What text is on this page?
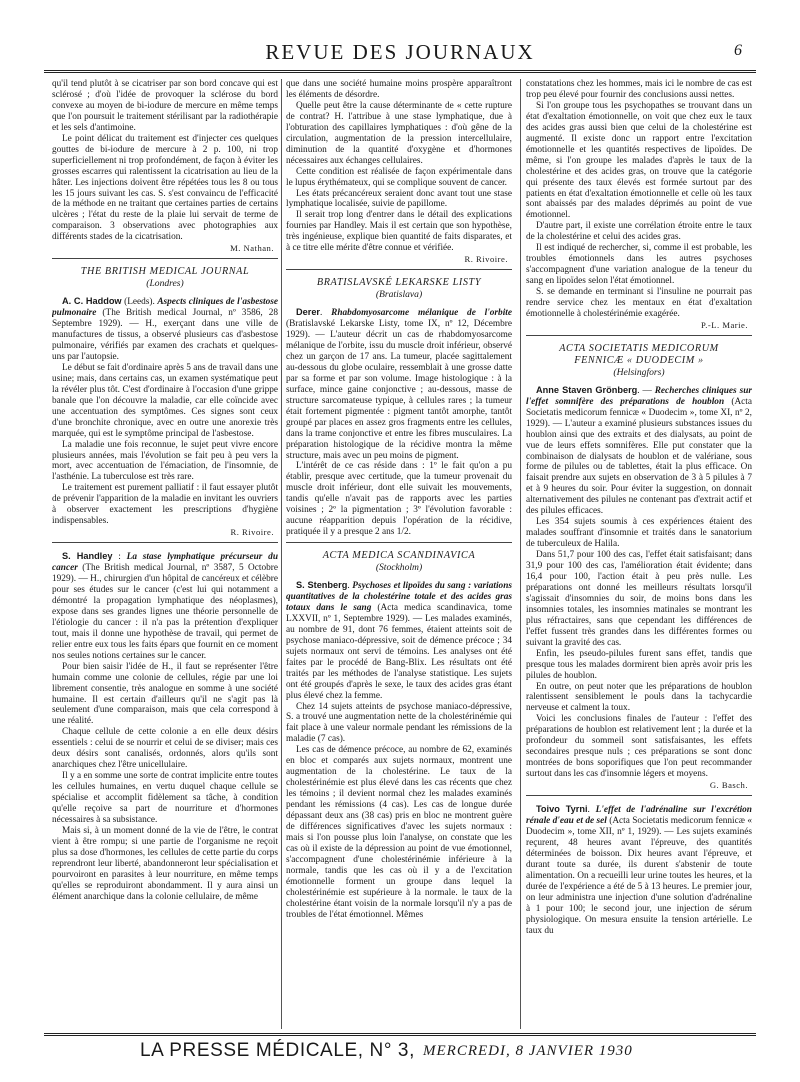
REVUE DES JOURNAUX	6

qu'il tend plutôt à se cicatriser par son bord concave qui est sclérosé ; d'où l'idée de provoquer la sclérose du bord convexe au moyen de bi-iodure de mercure en même temps que l'on poursuit le traitement stérilisant par la radiothérapie et les sels d'antimoine.

Le point délicat du traitement est d'injecter ces quelques gouttes de bi-iodure de mercure à 2 p. 100, ni trop superficiellement ni trop profondément, de façon à éviter les grosses escarres qui ralentissent la cicatrisation au lieu de la hâter. Les injections doivent être répétées tous les 8 ou tous les 15 jours suivant les cas. S. s'est convaincu de l'efficacité de la méthode en ne traitant que certaines parties de certains ulcères ; l'état du reste de la plaie lui servait de terme de comparaison. 3 observations avec photographies aux différents stades de la cicatrisation.

M. Nathan.
THE BRITISH MEDICAL JOURNAL
(Londres)

A. C. Haddow (Leeds). Aspects cliniques de l'asbestose pulmonaire (The British medical Journal, nº 3586, 28 Septembre 1929). — H., exerçant dans une ville de manufactures de tissus, a observé plusieurs cas d'asbestose pulmonaire, vérifiés par examen des crachats et quelques-uns par l'autopsie.

Le début se fait d'ordinaire après 5 ans de travail dans une usine; mais, dans certains cas, un examen systématique peut la révéler plus tôt. C'est d'ordinaire à l'occasion d'une grippe banale que l'on découvre la maladie, car elle coïncide avec une accentuation des symptômes. Ces signes sont ceux d'une bronchite chronique, avec en outre une anorexie très marquée, qui est le symptôme principal de l'asbestose.

La maladie une fois reconnue, le sujet peut vivre encore plusieurs années, mais l'évolution se fait peu à peu vers la mort, avec accentuation de l'émaciation, de l'insomnie, de l'asthénie. La tuberculose est très rare.

Le traitement est purement palliatif : il faut essayer plutôt de prévenir l'apparition de la maladie en invitant les ouvriers à observer exactement les prescriptions d'hygiène indispensables.

R. Rivoire.

S. Handley : La stase lymphatique précurseur du cancer (The British medical Journal, nº 3587, 5 Octobre 1929). — H., chirurgien d'un hôpital de cancéreux et célèbre pour ses études sur le cancer (c'est lui qui notamment a démontré la propagation lymphatique des néoplasmes), expose dans ses grandes lignes une théorie personnelle de l'étiologie du cancer : il n'a pas la prétention d'expliquer tout, mais il donne une hypothèse de travail, qui permet de relier entre eux tous les faits épars que fournit en ce moment nos seules notions certaines sur le cancer.

Pour bien saisir l'idée de H., il faut se représenter l'être humain comme une colonie de cellules, régie par une loi librement consentie, très analogue en somme à une société humaine. Il est certain d'ailleurs qu'il ne s'agit pas là seulement d'une comparaison, mais que cela correspond à une réalité.

Chaque cellule de cette colonie a en elle deux désirs essentiels : celui de se nourrir et celui de se diviser; mais ces deux désirs sont canalisés, ordonnés, alors qu'ils sont anarchiques chez l'être unicellulaire.

Il y a en somme une sorte de contrat implicite entre toutes les cellules humaines, en vertu duquel chaque cellule se spécialise et accomplit fidèlement sa tâche, à condition qu'elle reçoive sa part de nourriture et d'hormones nécessaires à sa subsistance.

Mais si, à un moment donné de la vie de l'être, le contrat vient à être rompu; si une partie de l'organisme ne reçoit plus sa dose d'hormones, les cellules de cette partie du corps reprendront leur liberté, abandonneront leur spécialisation et pourvoiront en parasites à leur nourriture, en même temps qu'elles se reproduiront abondamment. Il y aura ainsi un élément anarchique dans la colonie cellulaire, de même

que dans une société humaine moins prospère apparaîtront les éléments de désordre.

Quelle peut être la cause déterminante de « cette rupture de contrat? H. l'attribue à une stase lymphatique, due à l'obturation des capillaires lymphatiques : d'où gêne de la circulation, augmentation de la pression intercellulaire, diminution de la quantité d'oxygène et d'hormones nécessaires aux échanges cellulaires.

Cette condition est réalisée de façon expérimentale dans le lupus érythémateux, qui se complique souvent de cancer.

Les états précancéreux seraient donc avant tout une stase lymphatique localisée, suivie de papillome.

Il serait trop long d'entrer dans le détail des explications fournies par Handley. Mais il est certain que son hypothèse, très ingénieuse, explique bien quantité de faits disparates, et à ce titre elle mérite d'être connue et vérifiée.

R. Rivoire.
BRATISLAVSKÉ LEKARSKE LISTY
(Bratislava)

Derer. Rhabdomyosarcome mélanique de l'orbite (Bratislavské Lekarske Listy, tome IX, nº 12, Décembre 1929). — L'auteur décrit un cas de rhabdomyosarcome mélanique de l'orbite, issu du muscle droit inférieur, observé chez un garçon de 17 ans. La tumeur, placée sagittalement au-dessous du globe oculaire, ressemblait à une grosse datte par sa forme et par son volume. Image histologique : à la surface, mince gaine conjonctive ; au-dessous, masse de structure sarcomateuse typique, à cellules rares ; la tumeur était fortement pigmentée : pigment tantôt amorphe, tantôt groupé par places en assez gros fragments entre les cellules, dans la trame conjonctive et entre les fibres musculaires. La préparation histologique de la récidive montra la même structure, mais avec un peu moins de pigment.

L'intérêt de ce cas réside dans : 1º le fait qu'on a pu établir, presque avec certitude, que la tumeur provenait du muscle droit inférieur, dont elle suivait les mouvements, tandis qu'elle n'avait pas de rapports avec les parties voisines ; 2º la pigmentation ; 3º l'évolution favorable : aucune réapparition depuis l'opération de la récidive, pratiquée il y a presque 2 ans 1/2.

ACTA MEDICA SCANDINAVICA
(Stockholm)

S. Stenberg. Psychoses et lipoïdes du sang : variations quantitatives de la cholestérine totale et des acides gras totaux dans le sang (Acta medica scandinavica, tome LXXVII, nº 1, Septembre 1929). — Les malades examinés, au nombre de 91, dont 76 femmes, étaient atteints soit de psychose maniaco-dépressive, soit de démence précoce ; 34 sujets normaux ont servi de témoins. Les analyses ont été faites par le procédé de Bang-Blix. Les résultats ont été traités par les méthodes de l'analyse statistique. Les sujets ont été groupés d'après le sexe, le taux des acides gras étant plus élevé chez la femme.

Chez 14 sujets atteints de psychose maniaco-dépressive, S. a trouvé une augmentation nette de la cholestérinémie qui fait place à une valeur normale pendant les rémissions de la maladie (7 cas).

Les cas de démence précoce, au nombre de 62, examinés en bloc et comparés aux sujets normaux, montrent une augmentation de la cholestérine. Le taux de la cholestérinémie est plus élevé dans les cas récents que chez les témoins ; il devient normal chez les malades examinés pendant les rémissions (4 cas). Les cas de longue durée dépassant deux ans (38 cas) pris en bloc ne montrent guère de différences significatives d'avec les sujets normaux : mais si l'on pousse plus loin l'analyse, on constate que les cas où il existe de la dépression au point de vue émotionnel, s'accompagnent d'une cholestérinémie inférieure à la normale, tandis que les cas où il y a de l'excitation émotionnelle forment un groupe dans lequel la cholestérinémie est supérieure à la normale. le taux de la cholestérine étant voisin de la normale lorsqu'il n'y a pas de troubles de l'état émotionnel. Mêmes

constatations chez les hommes, mais ici le nombre de cas est trop peu élevé pour fournir des conclusions aussi nettes.

Si l'on groupe tous les psychopathes se trouvant dans un état d'exaltation émotionnelle, on voit que chez eux le taux des acides gras aussi bien que celui de la cholestérine est augmenté. Il existe donc un rapport entre l'excitation émotionnelle et les quantités respectives de lipoïdes. De même, si l'on groupe les malades d'après le taux de la cholestérine et des acides gras, on trouve que la catégorie qui présente des taux élevés est formée surtout par des patients en état d'exaltation émotionnelle et celle où les taux sont abaissés par des malades déprimés au point de vue émotionnel.

D'autre part, il existe une corrélation étroite entre le taux de la cholestérine et celui des acides gras.

Il est indiqué de rechercher, si, comme il est probable, les troubles émotionnels dans les autres psychoses s'accompagnent d'une variation analogue de la teneur du sang en lipoïdes selon l'état émotionnel.

S. se demande en terminant si l'insuline ne pourrait pas rendre service chez les mentaux en état d'exaltation émotionnelle à cholestérinémie exagérée.

P.-L. Marie.
ACTA SOCIETATIS MEDICORUM
FENNICÆ « DUODECIM »
(Helsingfors)

Anne Staven Grönberg. — Recherches cliniques sur l'effet somnifère des préparations de houblon (Acta Societatis medicorum fennicæ « Duodecim », tome XI, nº 2, 1929). — L'auteur a examiné plusieurs substances issues du houblon ainsi que des extraits et des dialysats, au point de vue de leurs effets somnifères. Elle put constater que la combinaison de dialysats de houblon et de valériane, sous forme de pilules ou de tablettes, était la plus efficace. On faisait prendre aux sujets en observation de 3 à 5 pilules à 7 et à 9 heures du soir. Pour éviter la suggestion, on donnait alternativement des pilules ne contenant pas d'extrait actif et des pilules efficaces.

Les 354 sujets soumis à ces expériences étaient des malades souffrant d'insomnie et traités dans le sanatorium de tuberculeux de Halila.

Dans 51,7 pour 100 des cas, l'effet était satisfaisant; dans 31,9 pour 100 des cas, l'amélioration était évidente; dans 16,4 pour 100, l'action était à peu près nulle. Les préparations ont donné les meilleurs résultats lorsqu'il s'agissait d'insomnies du soir, de moins bons dans les insomnies totales, les insomnies matinales se montrant les plus réfractaires, sans que cependant les différences de l'effet fussent très grandes dans les différentes formes ou suivant la gravité des cas.

Enfin, les pseudo-pilules furent sans effet, tandis que presque tous les malades dormirent bien après avoir pris les pilules de houblon.

En outre, on peut noter que les préparations de houblon ralentissent sensiblement le pouls dans la tachycardie nerveuse et calment la toux.

Voici les conclusions finales de l'auteur : l'effet des préparations de houblon est relativement lent ; la durée et la profondeur du sommeil sont satisfaisantes, les effets secondaires presque nuls ; ces préparations se sont donc montrées de bons soporifiques que l'on peut recommander surtout dans les cas d'insomnie légers et moyens.

G. Basch.

Toivo Tyrni. L'effet de l'adrénaline sur l'excrétion rénale d'eau et de sel (Acta Societatis medicorum fennicæ « Duodecim », tome XII, nº 1, 1929). — Les sujets examinés reçurent, 48 heures avant l'épreuve, des quantités déterminées de boisson. Dix heures avant l'épreuve, et durant toute sa durée, ils durent s'abstenir de toute alimentation. On a recueilli leur urine toutes les heures, et la durée de l'expérience a été de 5 à 13 heures. Le premier jour, on leur administra une injection d'une solution d'adrénaline à 1 pour 100; le second jour, une injection de sérum physiologique. On mesura ensuite la tension artérielle. Le taux du

LA PRESSE MÉDICALE, N° 3, MERCREDI, 8 JANVIER 1930
